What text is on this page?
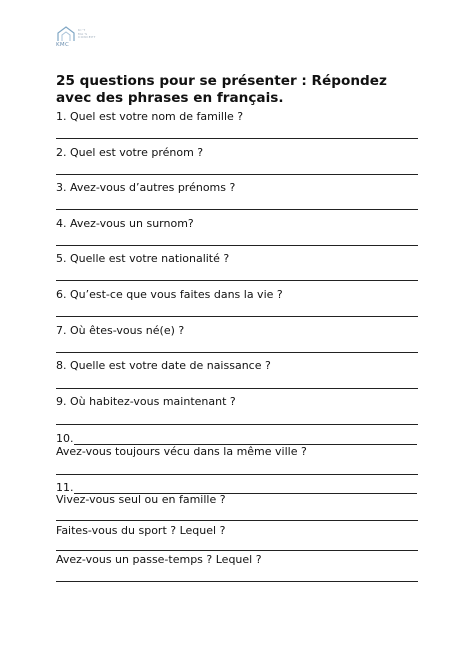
KI’T
MA’S
CONCEPT
KMC
25 questions pour se présenter : Répondez avec des phrases en français.
1. Quel est votre nom de famille ?
2. Quel est votre prénom ?
3. Avez-vous d’autres prénoms ?
4. Avez-vous un surnom?
5. Quelle est votre nationalité ?
6. Qu’est-ce que vous faites dans la vie ?
7. Où êtes-vous né(e) ?
8. Quelle est votre date de naissance ?
9. Où habitez-vous maintenant ?
10.
Avez-vous toujours vécu dans la même ville ?
11.
Vivez-vous seul ou en famille ?
Faites-vous du sport ? Lequel ?
Avez-vous un passe-temps ? Lequel ?
